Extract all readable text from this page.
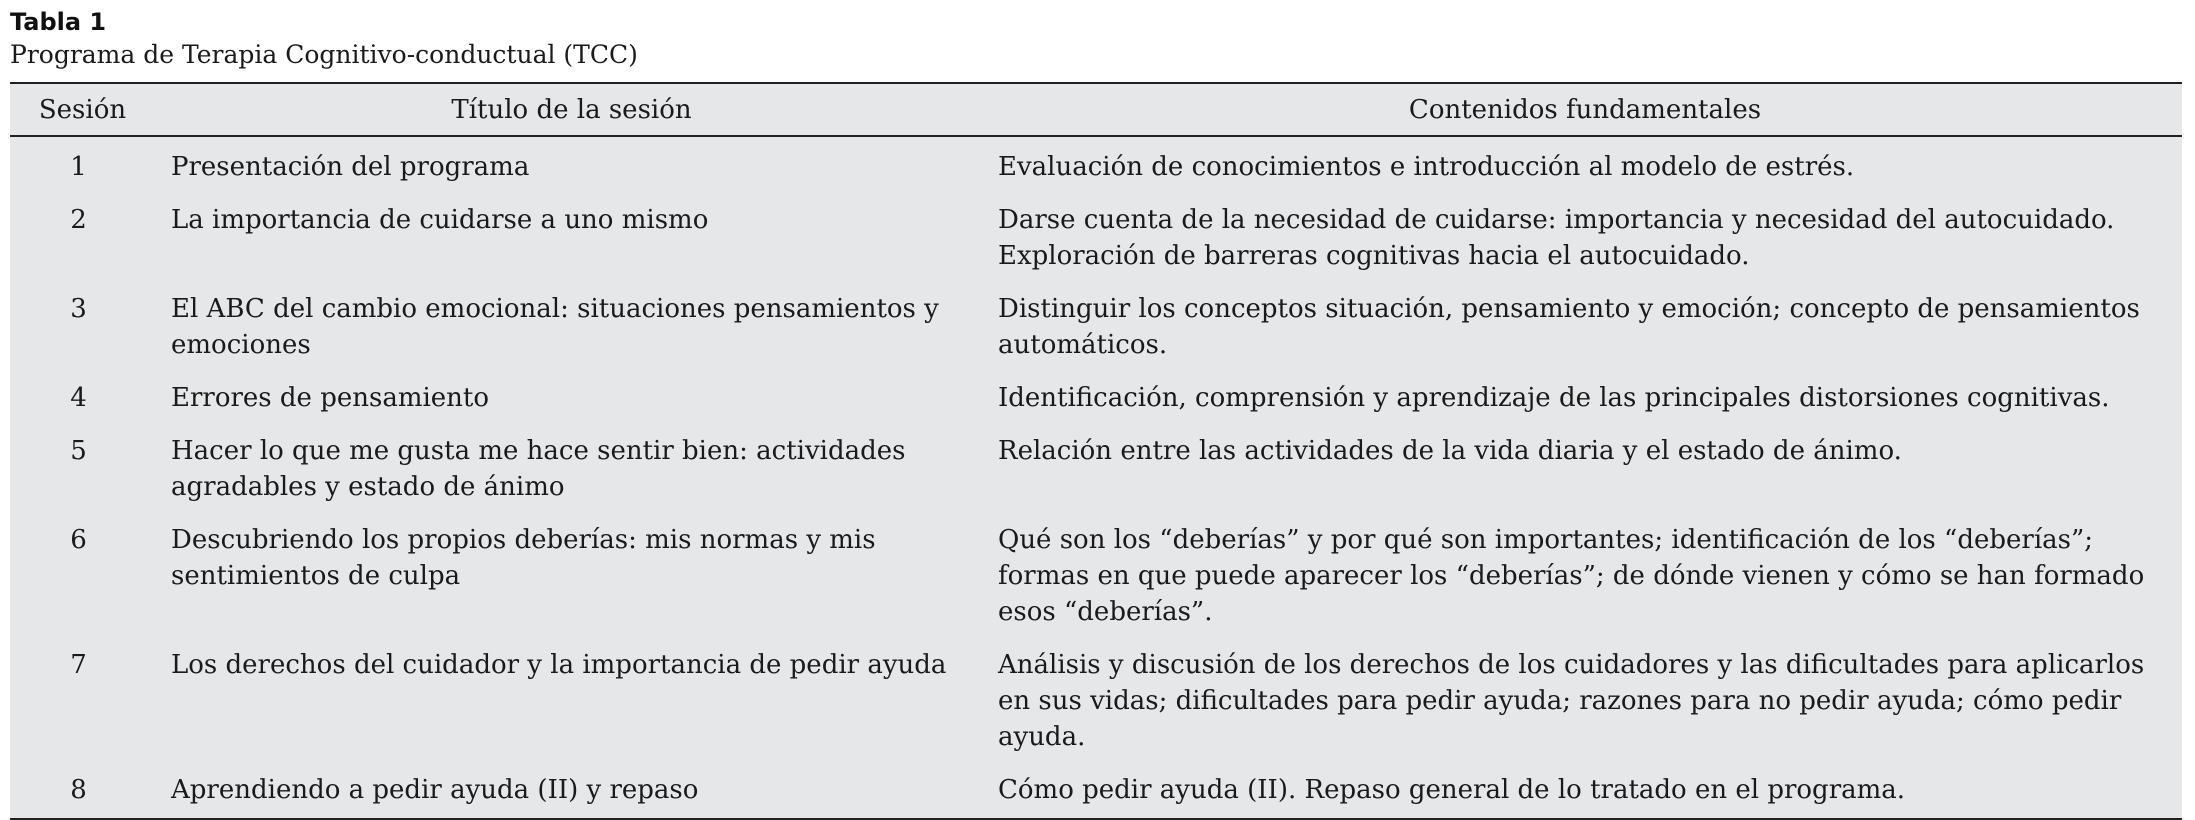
Tabla 1

Programa de Terapia Cognitivo-conductual (TCC)

Sesión	Título de la sesión	Contenidos fundamentales
1	Presentación del programa	Evaluación de conocimientos e introducción al modelo de estrés.

2	La importancia de cuidarse a uno mismo	Darse cuenta de la necesidad de cuidarse: importancia y necesidad del autocuidado.
Exploración de barreras cognitivas hacia el autocuidado.

3	El ABC del cambio emocional: situaciones pensamientos y emociones	Distinguir los conceptos situación, pensamiento y emoción; concepto de pensamientos automáticos.

4	Errores de pensamiento	Identificación, comprensión y aprendizaje de las principales distorsiones cognitivas.

5	Hacer lo que me gusta me hace sentir bien: actividades agradables y estado de ánimo	Relación entre las actividades de la vida diaria y el estado de ánimo.

6	Descubriendo los propios deberías: mis normas y mis sentimientos de culpa	Qué son los “deberías” y por qué son importantes; identificación de los “deberías”; formas en que puede aparecer los “deberías”; de dónde vienen y cómo se han formado esos “deberías”.

7	Los derechos del cuidador y la importancia de pedir ayuda	Análisis y discusión de los derechos de los cuidadores y las dificultades para aplicarlos en sus vidas; dificultades para pedir ayuda; razones para no pedir ayuda; cómo pedir ayuda.

8	Aprendiendo a pedir ayuda (II) y repaso	Cómo pedir ayuda (II). Repaso general de lo tratado en el programa.
